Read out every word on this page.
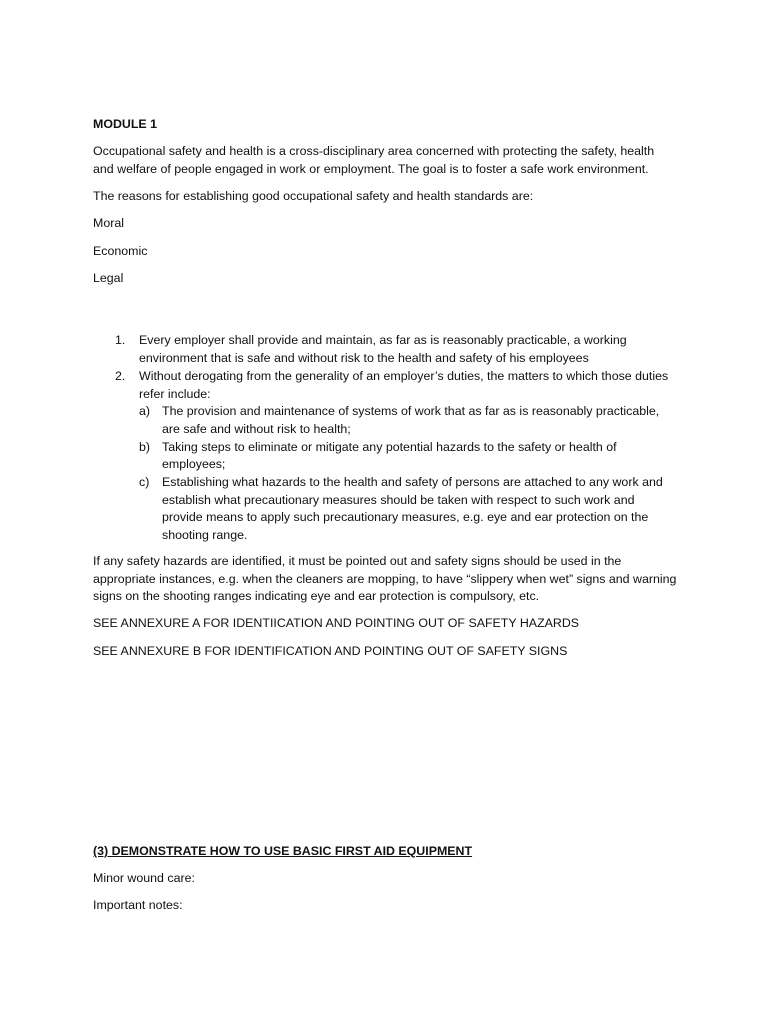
MODULE 1

Occupational safety and health is a cross-disciplinary area concerned with protecting the safety, health and welfare of people engaged in work or employment. The goal is to foster a safe work environment.

The reasons for establishing good occupational safety and health standards are:

Moral

Economic

Legal

1.	Every employer shall provide and maintain, as far as is reasonably practicable, a working environment that is safe and without risk to the health and safety of his employees
2.	Without derogating from the generality of an employer’s duties, the matters to which those duties refer include:
a) The provision and maintenance of systems of work that as far as is reasonably practicable, are safe and without risk to health;
b) Taking steps to eliminate or mitigate any potential hazards to the safety or health of employees;
c)	Establishing what hazards to the health and safety of persons are attached to any work and establish what precautionary measures should be taken with respect to such work and provide means to apply such precautionary measures, e.g. eye and ear protection on the shooting range.

If any safety hazards are identified, it must be pointed out and safety signs should be used in the appropriate instances, e.g. when the cleaners are mopping, to have “slippery when wet” signs and warning signs on the shooting ranges indicating eye and ear protection is compulsory, etc.

SEE ANNEXURE A FOR IDENTIICATION AND POINTING OUT OF SAFETY HAZARDS

SEE ANNEXURE B FOR IDENTIFICATION AND POINTING OUT OF SAFETY SIGNS

(3) DEMONSTRATE HOW TO USE BASIC FIRST AID EQUIPMENT

Minor wound care:

Important notes:
